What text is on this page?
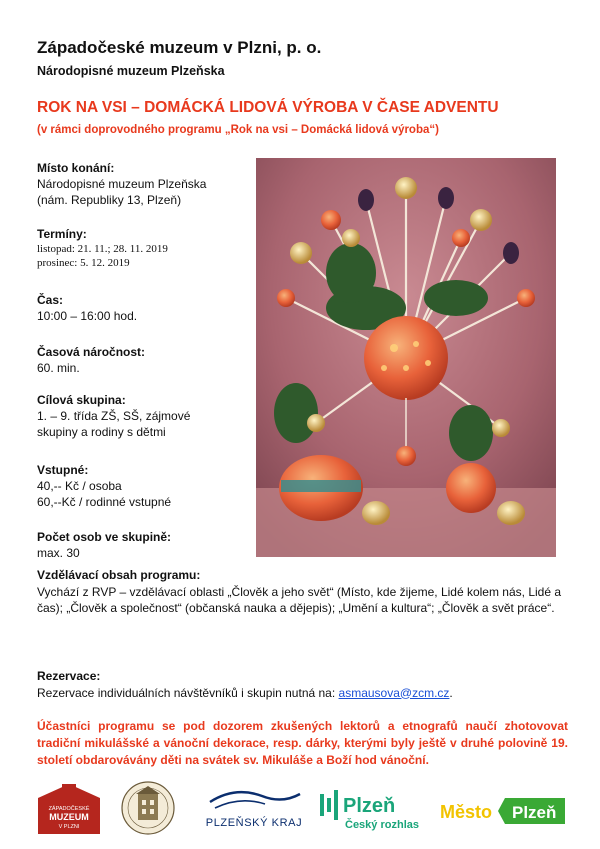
Západočeské muzeum v Plzni, p. o.
Národopisné muzeum Plzeňska
ROK NA VSI – DOMÁCKÁ LIDOVÁ VÝROBA V ČASE ADVENTU
(v rámci doprovodného programu „Rok na vsi – Domácká lidová výroba“)
Místo konání:
Národopisné muzeum Plzeňska
(nám. Republiky 13, Plzeň)
Termíny:
listopad: 21. 11.; 28. 11. 2019
prosinec: 5. 12. 2019
Čas:
10:00 – 16:00 hod.
Časová náročnost:
60. min.
Cílová skupina:
1. – 9. třída ZŠ, SŠ, zájmové
skupiny a rodiny s dětmi
Vstupné:
40,-- Kč / osoba
60,--Kč / rodinné vstupné
Počet osob ve skupině:
max. 30
Vzdělávací obsah programu:
Vychází z RVP – vzdělávací oblasti „Člověk a jeho svět“ (Místo, kde žijeme, Lidé kolem nás, Lidé a čas); „Člověk a společnost“ (občanská nauka a dějepis); „Umění a kultura“; „Člověk a svět práce“.
Rezervace:
Rezervace individuálních návštěvníků i skupin nutná na: asmausova@zcm.cz.
Účastníci programu se pod dozorem zkušených lektorů a etnografů naučí zhotovovat tradiční mikulášské a vánoční dekorace, resp. dárky, kterými byly ještě v druhé polovině 19. století obdarovávány děti na svátek sv. Mikuláše a Boží hod vánoční.
ZÁPADOČESKÉ
MUZEUM
V PLZNI	PLZEŇSKÝ KRAJ
Plzeň
Český rozhlas
Město Plzeň
